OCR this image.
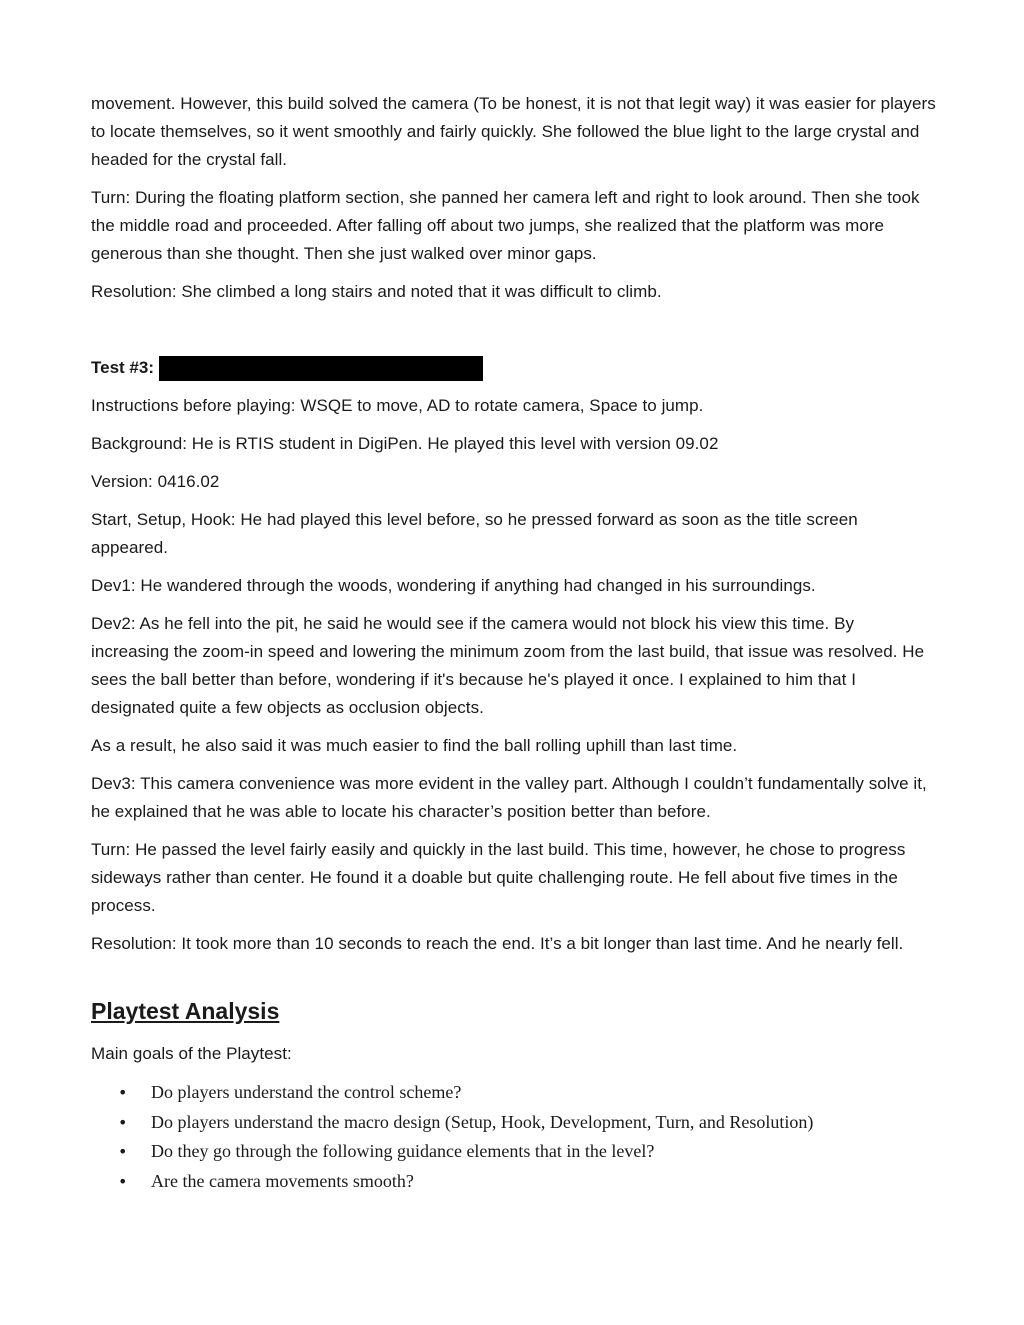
movement. However, this build solved the camera (To be honest, it is not that legit way) it was easier for players to locate themselves, so it went smoothly and fairly quickly. She followed the blue light to the large crystal and headed for the crystal fall.

Turn: During the floating platform section, she panned her camera left and right to look around. Then she took the middle road and proceeded. After falling off about two jumps, she realized that the platform was more generous than she thought. Then she just walked over minor gaps.

Resolution: She climbed a long stairs and noted that it was difficult to climb.

Test #3:

Instructions before playing: WSQE to move, AD to rotate camera, Space to jump.

Background: He is RTIS student in DigiPen. He played this level with version 09.02

Version: 0416.02

Start, Setup, Hook: He had played this level before, so he pressed forward as soon as the title screen appeared.

Dev1: He wandered through the woods, wondering if anything had changed in his surroundings.

Dev2: As he fell into the pit, he said he would see if the camera would not block his view this time. By increasing the zoom-in speed and lowering the minimum zoom from the last build, that issue was resolved. He sees the ball better than before, wondering if it's because he's played it once. I explained to him that I designated quite a few objects as occlusion objects.

As a result, he also said it was much easier to find the ball rolling uphill than last time.

Dev3: This camera convenience was more evident in the valley part. Although I couldn’t fundamentally solve it, he explained that he was able to locate his character’s position better than before.

Turn: He passed the level fairly easily and quickly in the last build. This time, however, he chose to progress sideways rather than center. He found it a doable but quite challenging route. He fell about five times in the process.

Resolution: It took more than 10 seconds to reach the end. It’s a bit longer than last time. And he nearly fell.

Playtest Analysis

Main goals of the Playtest:

•	Do players understand the control scheme?
•	Do players understand the macro design (Setup, Hook, Development, Turn, and Resolution)
•	Do they go through the following guidance elements that in the level?
•	Are the camera movements smooth?
